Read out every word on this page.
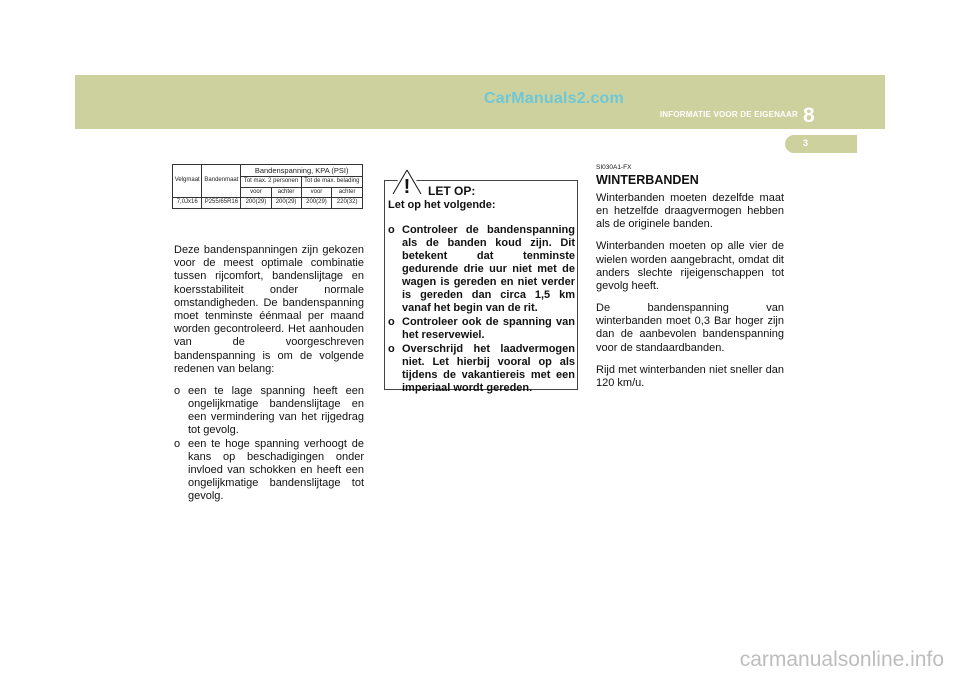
CarManuals2.com
INFORMATIE VOOR DE EIGENAAR 8
3
Velgmaat	Bandenmaat	Bandenspanning, KPA (PSI)			
		Tot max. 2 personen		Tot de max. belading	
		voor	achter	voor	achter
7,0Jx16	P255/65R16	200(29)	200(29)	200(29)	220(32)

Deze bandenspanningen zijn gekozen voor de meest optimale combinatie tussen rijcomfort, bandenslijtage en koersstabiliteit onder normale omstandigheden. De bandenspanning moet tenminste éénmaal per maand worden gecontroleerd. Het aanhouden van de voorgeschreven bandenspanning is om de volgende redenen van belang:

o een te lage spanning heeft een ongelijkmatige bandenslijtage en een vermindering van het rijgedrag tot gevolg.
o een te hoge spanning verhoogt de kans op beschadigingen onder invloed van schokken en heeft een ongelijkmatige bandenslijtage tot gevolg.
Let op het volgende:
o Controleer de bandenspanning als de banden koud zijn. Dit betekent dat tenminste gedurende drie uur niet met de wagen is gereden en niet verder is gereden dan circa 1,5 km vanaf het begin van de rit.
o Controleer ook de spanning van het reservewiel.
o Overschrijd het laadvermogen niet. Let hierbij vooral op als tijdens de vakantiereis met een imperiaal wordt gereden.
! LET OP:
SI030A1-FX
WINTERBANDEN

Winterbanden moeten dezelfde maat en hetzelfde draagvermogen hebben als de originele banden.

Winterbanden moeten op alle vier de wielen worden aangebracht, omdat dit anders slechte rijeigenschappen tot gevolg heeft.

De bandenspanning van winterbanden moet 0,3 Bar hoger zijn dan de aanbevolen bandenspanning voor de standaardbanden.

Rijd met winterbanden niet sneller dan 120 km/u.

carmanualsonline.info
